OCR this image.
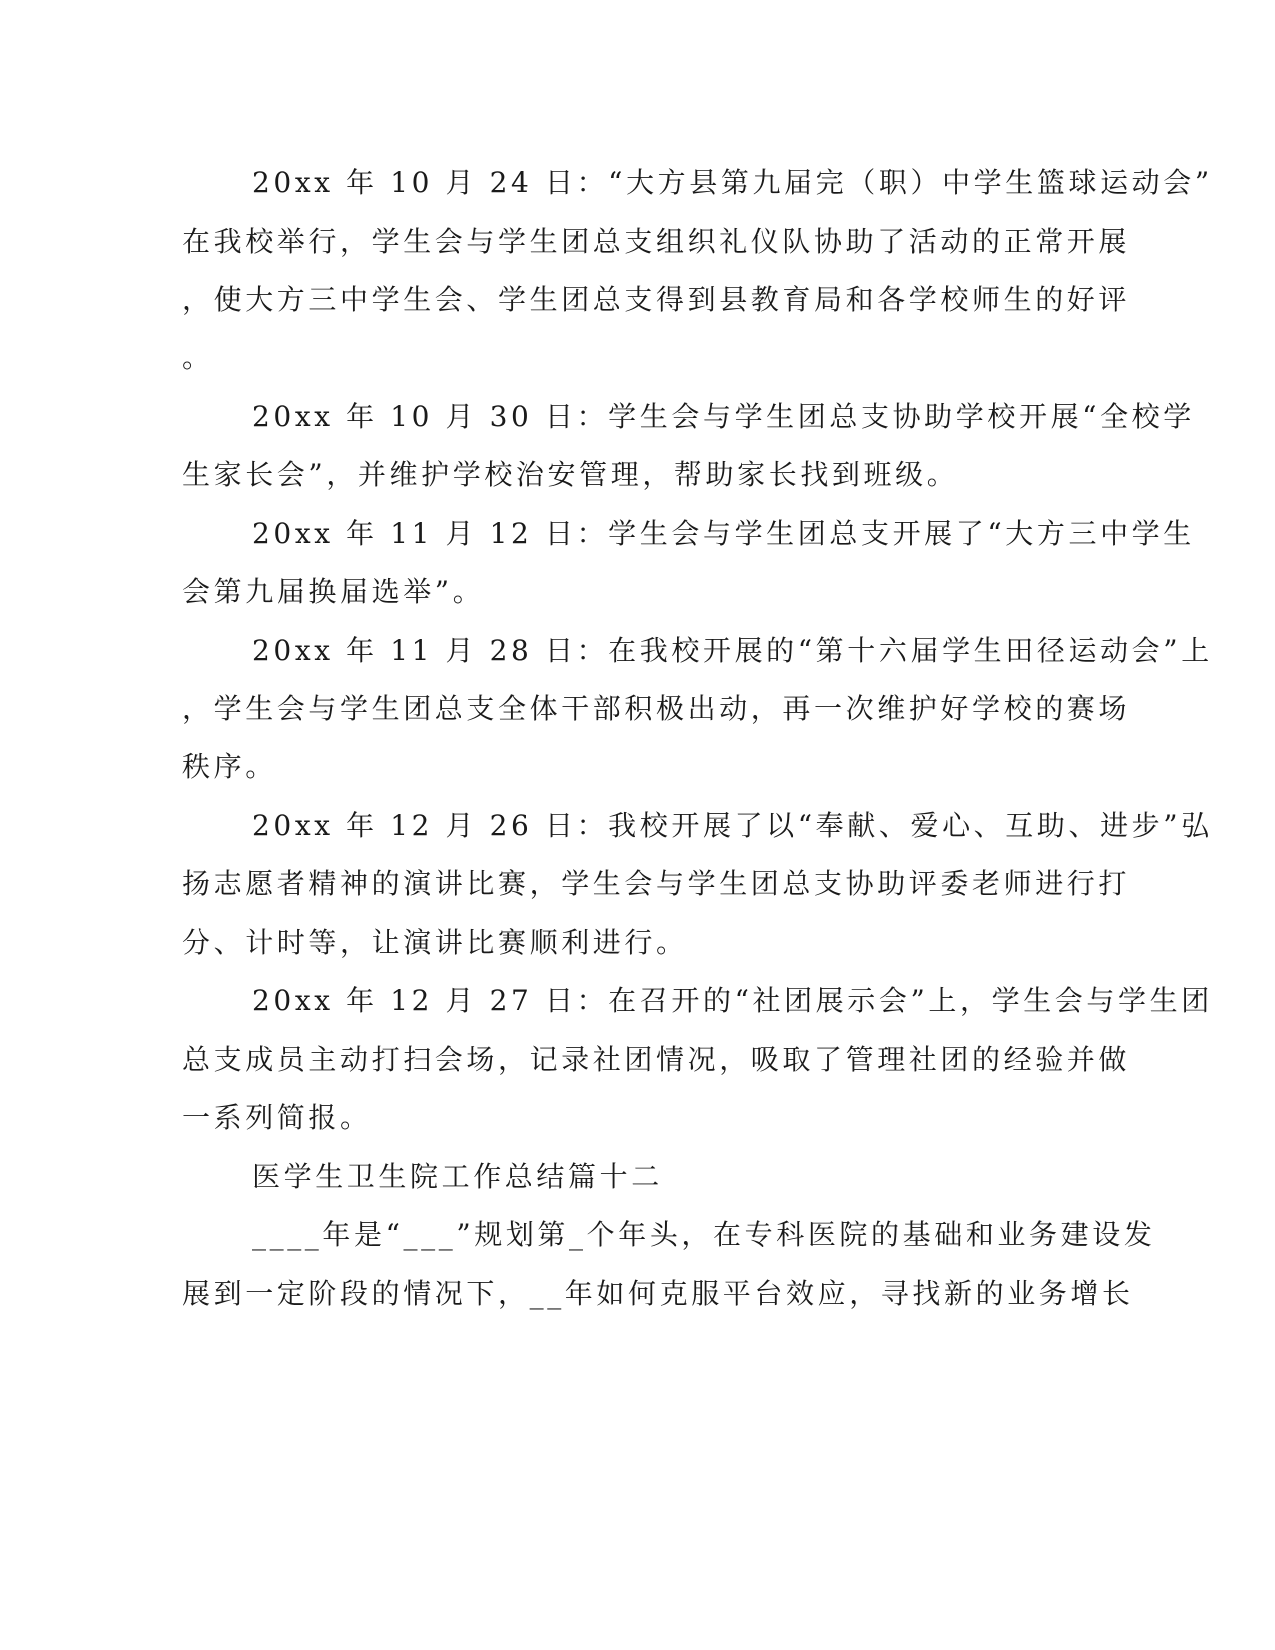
20xx 年 10 月 24 日：“大方县第九届完（职）中学生篮球运动会”
在我校举行，学生会与学生团总支组织礼仪队协助了活动的正常开展
，使大方三中学生会、学生团总支得到县教育局和各学校师生的好评
。
20xx 年 10 月 30 日：学生会与学生团总支协助学校开展“全校学
生家长会”，并维护学校治安管理，帮助家长找到班级。
20xx 年 11 月 12 日：学生会与学生团总支开展了“大方三中学生
会第九届换届选举”。
20xx 年 11 月 28 日：在我校开展的“第十六届学生田径运动会”上
，学生会与学生团总支全体干部积极出动，再一次维护好学校的赛场
秩序。
20xx 年 12 月 26 日：我校开展了以“奉献、爱心、互助、进步”弘
扬志愿者精神的演讲比赛，学生会与学生团总支协助评委老师进行打
分、计时等，让演讲比赛顺利进行。
20xx 年 12 月 27 日：在召开的“社团展示会”上，学生会与学生团
总支成员主动打扫会场，记录社团情况，吸取了管理社团的经验并做
一系列简报。
医学生卫生院工作总结篇十二
____年是“___”规划第_个年头，在专科医院的基础和业务建设发
展到一定阶段的情况下，__年如何克服平台效应，寻找新的业务增长
